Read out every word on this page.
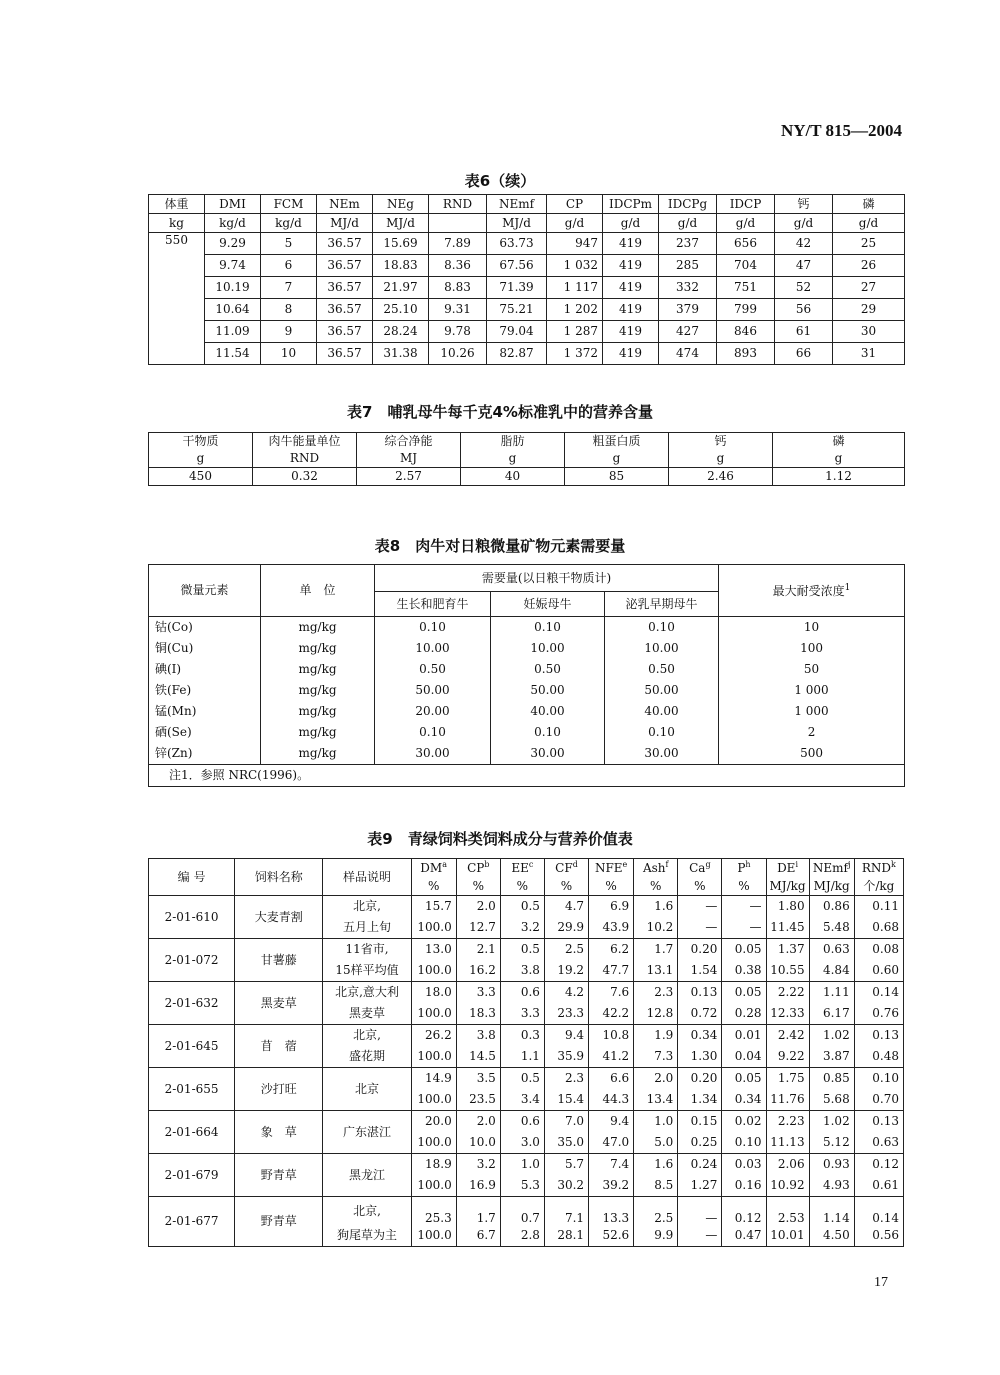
NY/T 815—2004
表6（续）
体重	DMI	FCM	NEm	NEg	RND	NEmf	CP	IDCPm	IDCPg	IDCP	钙	磷
kg	kg/d	kg/d	MJ/d	MJ/d		MJ/d	g/d	g/d	g/d	g/d	g/d	g/d
550	9.29	5	36.57	15.69	7.89	63.73	947	419	237	656	42	25
	9.74	6	36.57	18.83	8.36	67.56	1 032	419	285	704	47	26
	10.19	7	36.57	21.97	8.83	71.39	1 117	419	332	751	52	27
	10.64	8	36.57	25.10	9.31	75.21	1 202	419	379	799	56	29
	11.09	9	36.57	28.24	9.78	79.04	1 287	419	427	846	61	30
	11.54	10	36.57	31.38	10.26	82.87	1 372	419	474	893	66	31
表7　哺乳母牛每千克4%标准乳中的营养含量
干物质	肉牛能量单位	综合净能	脂肪	粗蛋白质	钙	磷
g	RND	MJ	g	g	g	g
450	0.32	2.57	40	85	2.46	1.12
表8　肉牛对日粮微量矿物元素需要量
微量元素	单　位	需要量(以日粮干物质计)			最大耐受浓度$^1$
		生长和肥育牛	妊娠母牛	泌乳早期母牛	
钴(Co)	mg/kg	0.10	0.10	0.10	10
铜(Cu)	mg/kg	10.00	10.00	10.00	100
碘(I)	mg/kg	0.50	0.50	0.50	50
铁(Fe)	mg/kg	50.00	50.00	50.00	1 000
锰(Mn)	mg/kg	20.00	40.00	40.00	1 000
硒(Se)	mg/kg	0.10	0.10	0.10	2
锌(Zn)	mg/kg	30.00	30.00	30.00	500
注1．参照 NRC(1996)。					
表9　青绿饲料类饲料成分与营养价值表
编 号	饲料名称	样品说明	$DM^a$	$CP^b$	$EE^c$	$CF^d$	NFE$^e$	Ash$^f$	Ca$^g$	$P^h$	$DE^i$	NEmf$^j$	RND$^k$
			%	%	%	%	%	%	%	%	MJ/kg	MJ/kg	个/kg
2-01-610	大麦青割	北京,	15.7	2.0	0.5	4.7	6.9	1.6	—	—	1.80	0.86	0.11
		五月上旬	100.0	12.7	3.2	29.9	43.9	10.2	—	—	11.45	5.48	0.68
2-01-072	甘薯藤	11省市,	13.0	2.1	0.5	2.5	6.2	1.7	0.20	0.05	1.37	0.63	0.08
		15样平均值	100.0	16.2	3.8	19.2	47.7	13.1	1.54	0.38	10.55	4.84	0.60
2-01-632	黑麦草	北京,意大利	18.0	3.3	0.6	4.2	7.6	2.3	0.13	0.05	2.22	1.11	0.14
		黑麦草	100.0	18.3	3.3	23.3	42.2	12.8	0.72	0.28	12.33	6.17	0.76
2-01-645	苜　蓿	北京,	26.2	3.8	0.3	9.4	10.8	1.9	0.34	0.01	2.42	1.02	0.13
		盛花期	100.0	14.5	1.1	35.9	41.2	7.3	1.30	0.04	9.22	3.87	0.48
2-01-655	沙打旺	北京	14.9	3.5	0.5	2.3	6.6	2.0	0.20	0.05	1.75	0.85	0.10
			100.0	23.5	3.4	15.4	44.3	13.4	1.34	0.34	11.76	5.68	0.70
2-01-664	象　草	广东湛江	20.0	2.0	0.6	7.0	9.4	1.0	0.15	0.02	2.23	1.02	0.13
			100.0	10.0	3.0	35.0	47.0	5.0	0.25	0.10	11.13	5.12	0.63
2-01-679	野青草	黑龙江	18.9	3.2	1.0	5.7	7.4	1.6	0.24	0.03	2.06	0.93	0.12
			100.0	16.9	5.3	30.2	39.2	8.5	1.27	0.16	10.92	4.93	0.61
2-01-677	野青草	北京,	25.3	1.7	0.7	7.1	13.3	2.5	—	0.12	2.53	1.14	0.14
		狗尾草为主	100.0	6.7	2.8	28.1	52.6	9.9	—	0.47	10.01	4.50	0.56
17
